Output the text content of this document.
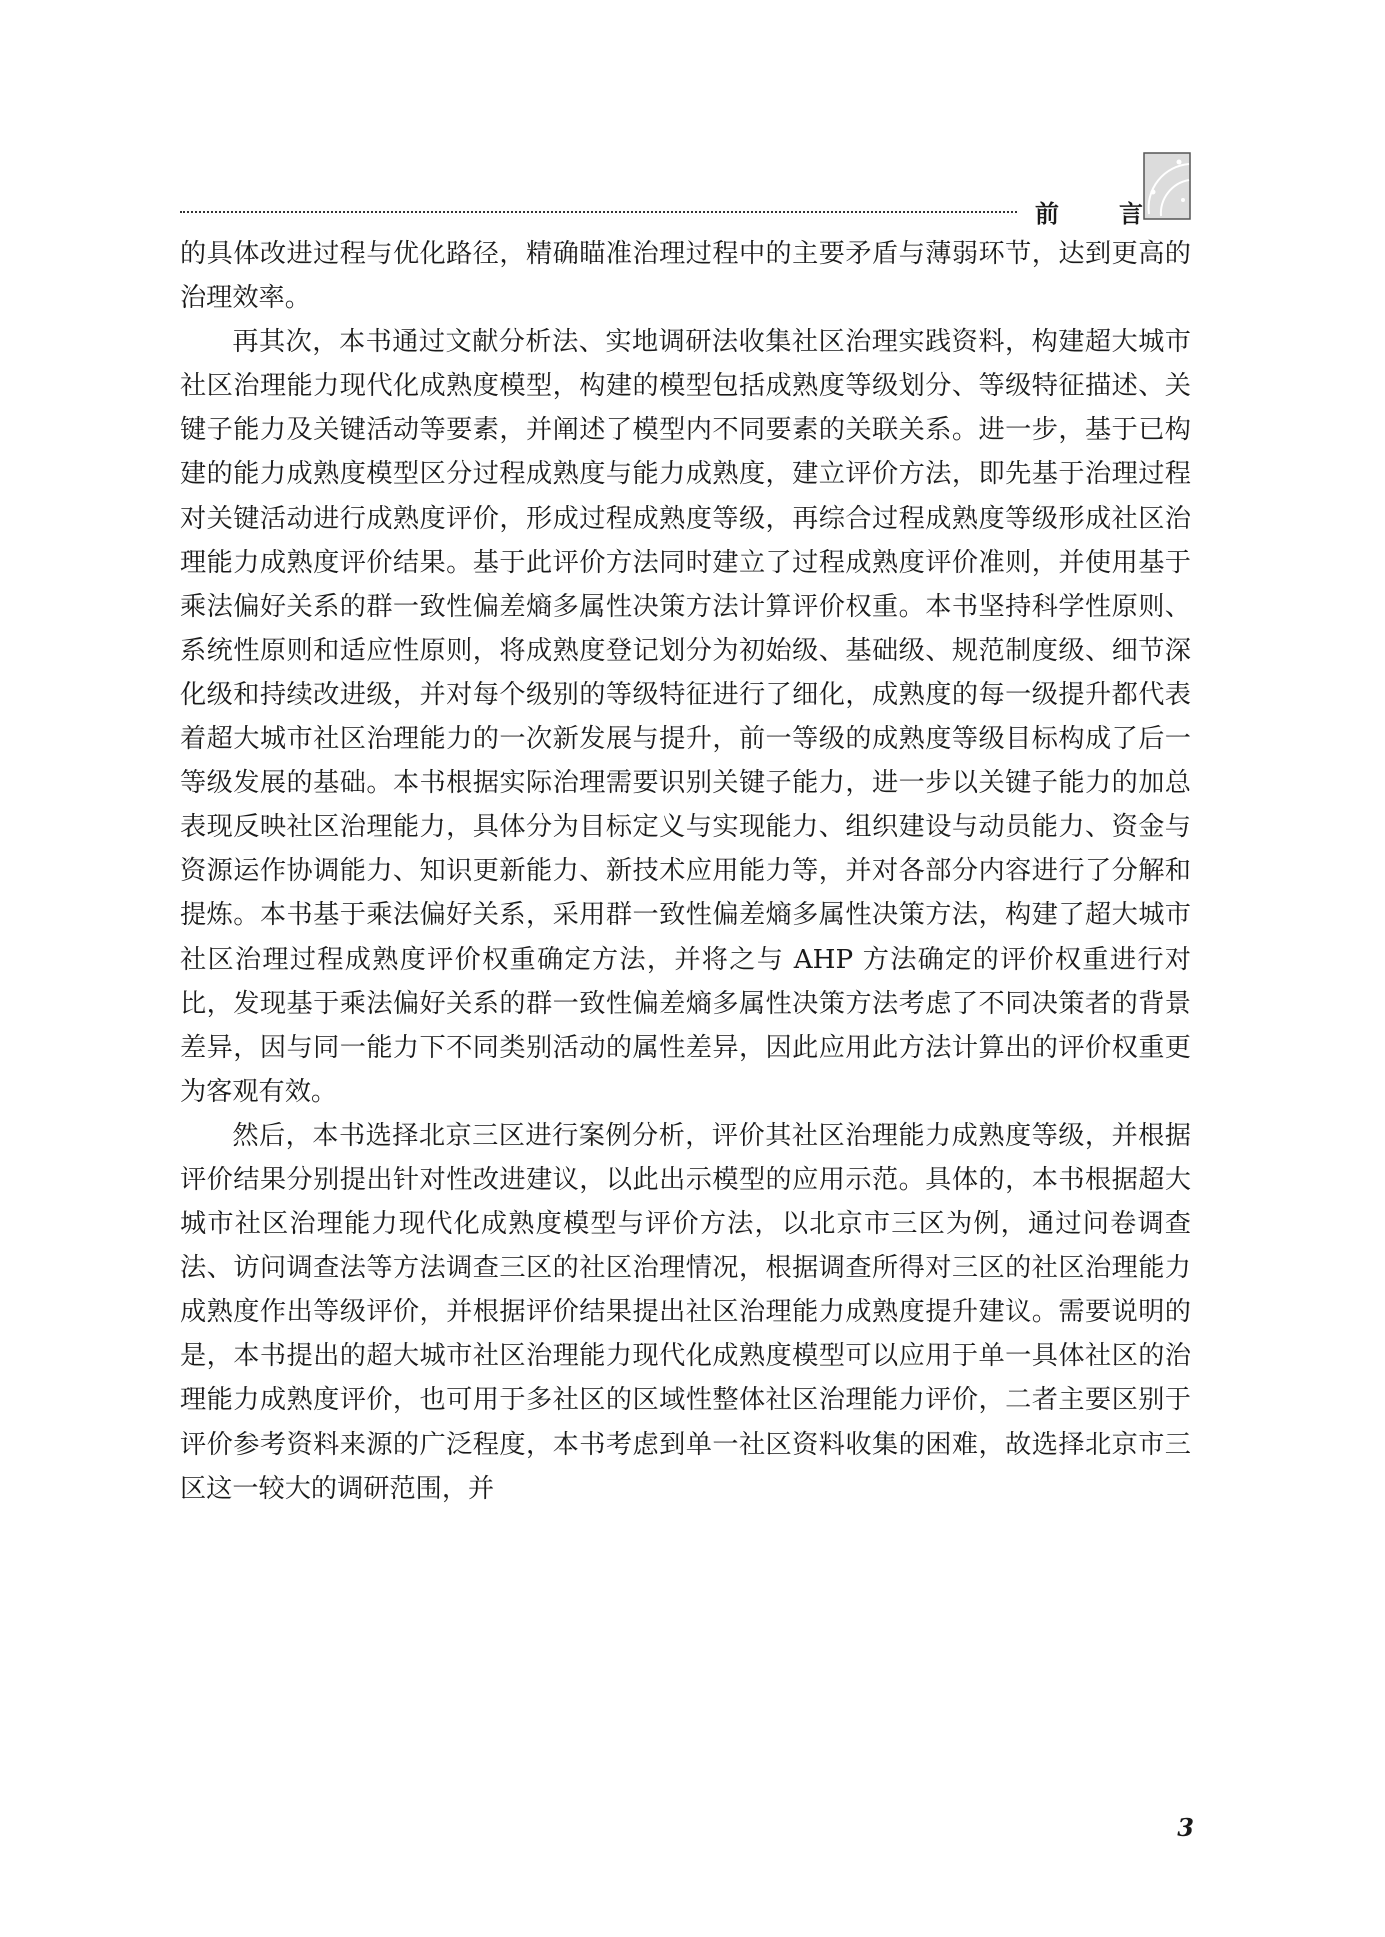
前	言

的具体改进过程与优化路径，精确瞄准治理过程中的主要矛盾与薄弱环节，达到更高的治理效率。

再其次，本书通过文献分析法、实地调研法收集社区治理实践资料，构建超大城市社区治理能力现代化成熟度模型，构建的模型包括成熟度等级划分、等级特征描述、关键子能力及关键活动等要素，并阐述了模型内不同要素的关联关系。进一步，基于已构建的能力成熟度模型区分过程成熟度与能力成熟度，建立评价方法，即先基于治理过程对关键活动进行成熟度评价，形成过程成熟度等级，再综合过程成熟度等级形成社区治理能力成熟度评价结果。基于此评价方法同时建立了过程成熟度评价准则，并使用基于乘法偏好关系的群一致性偏差熵多属性决策方法计算评价权重。本书坚持科学性原则、系统性原则和适应性原则，将成熟度登记划分为初始级、基础级、规范制度级、细节深化级和持续改进级，并对每个级别的等级特征进行了细化，成熟度的每一级提升都代表着超大城市社区治理能力的一次新发展与提升，前一等级的成熟度等级目标构成了后一等级发展的基础。本书根据实际治理需要识别关键子能力，进一步以关键子能力的加总表现反映社区治理能力，具体分为目标定义与实现能力、组织建设与动员能力、资金与资源运作协调能力、知识更新能力、新技术应用能力等，并对各部分内容进行了分解和提炼。本书基于乘法偏好关系，采用群一致性偏差熵多属性决策方法，构建了超大城市社区治理过程成熟度评价权重确定方法，并将之与 AHP 方法确定的评价权重进行对比，发现基于乘法偏好关系的群一致性偏差熵多属性决策方法考虑了不同决策者的背景差异，因与同一能力下不同类别活动的属性差异，因此应用此方法计算出的评价权重更为客观有效。

然后，本书选择北京三区进行案例分析，评价其社区治理能力成熟度等级，并根据评价结果分别提出针对性改进建议，以此出示模型的应用示范。具体的，本书根据超大城市社区治理能力现代化成熟度模型与评价方法，以北京市三区为例，通过问卷调查法、访问调查法等方法调查三区的社区治理情况，根据调查所得对三区的社区治理能力成熟度作出等级评价，并根据评价结果提出社区治理能力成熟度提升建议。需要说明的是，本书提出的超大城市社区治理能力现代化成熟度模型可以应用于单一具体社区的治理能力成熟度评价，也可用于多社区的区域性整体社区治理能力评价，二者主要区别于评价参考资料来源的广泛程度，本书考虑到单一社区资料收集的困难，故选择北京市三区这一较大的调研范围，并

3
